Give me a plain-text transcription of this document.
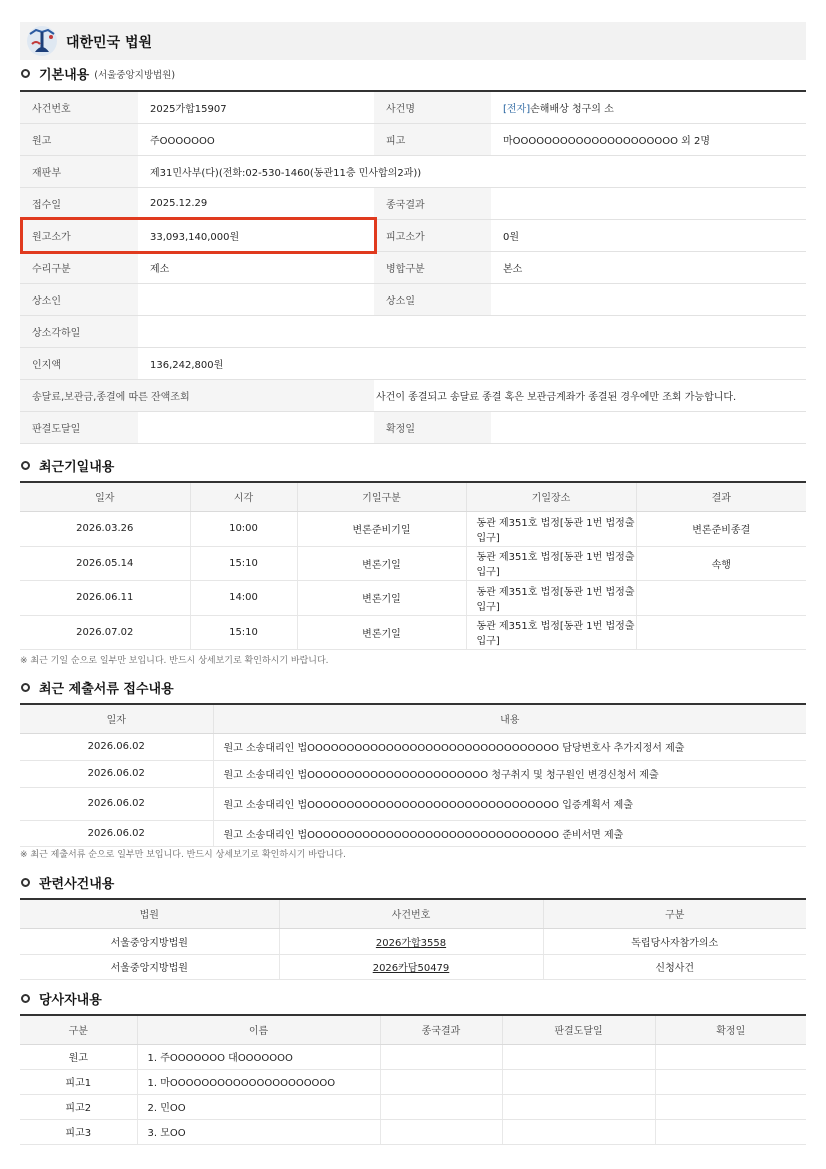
대한민국 법원
기본내용 (서울중앙지방법원)
사건번호	2025가합15907	사건명	[전자]손해배상 청구의 소
원고	주OOOOOOO	피고	마OOOOOOOOOOOOOOOOOOOOO 외 2명
재판부	제31민사부(다)(전화:02-530-1460(동관11층 민사합의2과))		
접수일	2025.12.29	종국결과	
원고소가	33,093,140,000원	피고소가	0원
수리구분	제소	병합구분	본소
상소인		상소일	
상소각하일			
인지액	136,242,800원		
송달료,보관금,종결에 따른 잔액조회		사건이 종결되고 송달료 종결 혹은 보관금계좌가 종결된 경우에만 조회 가능합니다.	
판결도달일		확정일	
최근기일내용
일자	시각	기일구분	기일장소	결과
2026.03.26	10:00	변론준비기일	동관 제351호 법정[동관 1번 법정출입구]	변론준비종결
2026.05.14	15:10	변론기일	동관 제351호 법정[동관 1번 법정출입구]	속행
2026.06.11	14:00	변론기일	동관 제351호 법정[동관 1번 법정출입구]	
2026.07.02	15:10	변론기일	동관 제351호 법정[동관 1번 법정출입구]	
※ 최근 기일 순으로 일부만 보입니다. 반드시 상세보기로 확인하시기 바랍니다.
최근 제출서류 접수내용
일자	내용
2026.06.02	원고 소송대리인 법OOOOOOOOOOOOOOOOOOOOOOOOOOOOOOOO 담당변호사 추가지정서 제출
2026.06.02	원고 소송대리인 법OOOOOOOOOOOOOOOOOOOOOOO 청구취지 및 청구원인 변경신청서 제출
2026.06.02	원고 소송대리인 법OOOOOOOOOOOOOOOOOOOOOOOOOOOOOOOO 입증계획서 제출
2026.06.02	원고 소송대리인 법OOOOOOOOOOOOOOOOOOOOOOOOOOOOOOOO 준비서면 제출
※ 최근 제출서류 순으로 일부만 보입니다. 반드시 상세보기로 확인하시기 바랍니다.
관련사건내용
법원	사건번호	구분
서울중앙지방법원	2026가합3558	독립당사자참가의소
서울중앙지방법원	2026카담50479	신청사건
당사자내용
구분	이름	종국결과	판결도달일	확정일
원고	1. 주OOOOOOO 대OOOOOOO			
피고1	1. 마OOOOOOOOOOOOOOOOOOOOO			
피고2	2. 민OO			
피고3	3. 모OO			
